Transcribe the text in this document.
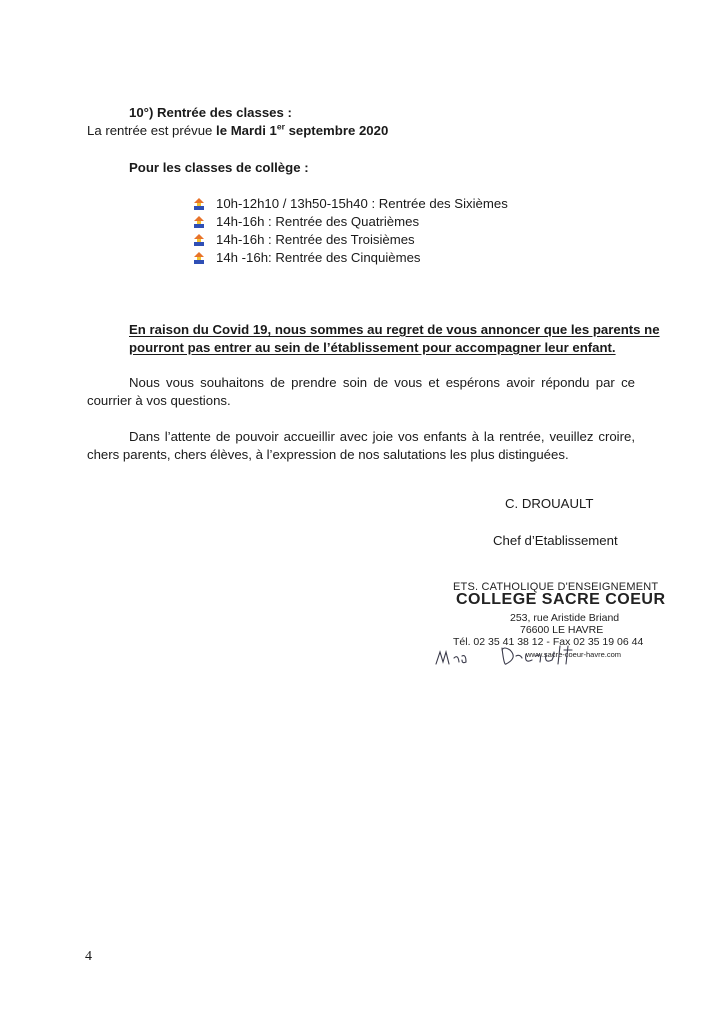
10°) Rentrée des classes :
La rentrée est prévue le Mardi 1er septembre 2020
Pour les classes de collège :
10h-12h10 / 13h50-15h40 : Rentrée des Sixièmes
14h-16h : Rentrée des Quatrièmes
14h-16h : Rentrée des Troisièmes
14h -16h: Rentrée des Cinquièmes
En raison du Covid 19, nous sommes au regret de vous annoncer que les parents ne
pourront pas entrer au sein de l’établissement pour accompagner leur enfant.
Nous vous souhaitons de prendre soin de vous et espérons avoir répondu par ce courrier à vos questions.
Dans l’attente de pouvoir accueillir avec joie vos enfants à la rentrée, veuillez croire, chers parents, chers élèves, à l’expression de nos salutations les plus distinguées.
C. DROUAULT
Chef d’Etablissement
ETS. CATHOLIQUE D'ENSEIGNEMENT
COLLEGE SACRE COEUR
253, rue Aristide Briand
76600 LE HAVRE
Tél. 02 35 41 38 12 - Fax 02 35 19 06 44
www.sacre-coeur-havre.com
4
